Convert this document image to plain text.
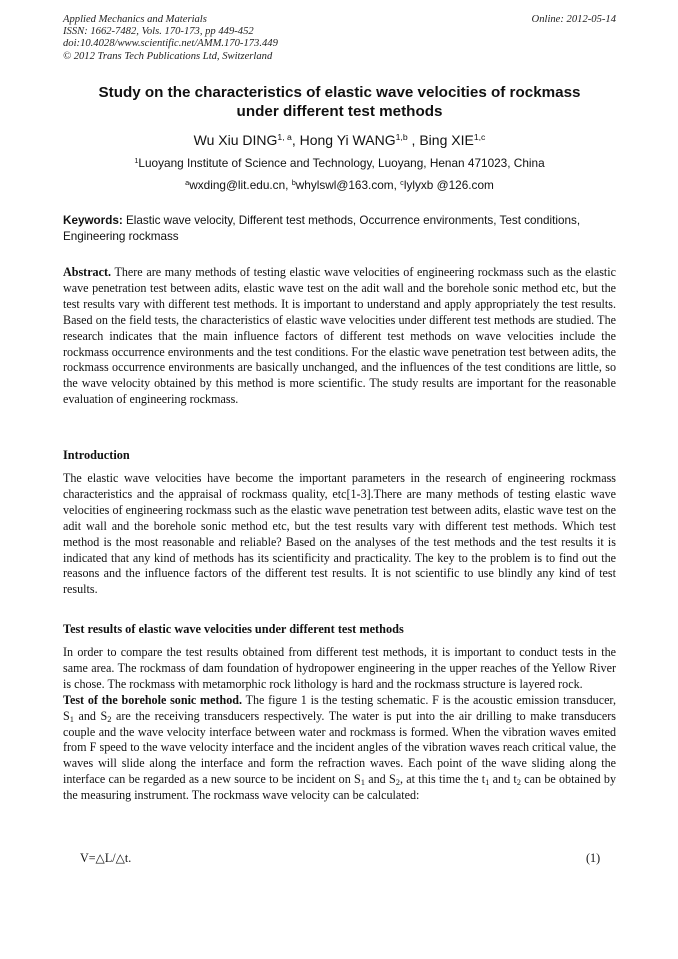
Applied Mechanics and Materials
ISSN: 1662-7482, Vols. 170-173, pp 449-452
doi:10.4028/www.scientific.net/AMM.170-173.449
© 2012 Trans Tech Publications Ltd, Switzerland
Online: 2012-05-14
Study on the characteristics of elastic wave velocities of rockmass
under different test methods
Wu Xiu DING$^{1, a}$, Hong Yi WANG$^{1,b}$ , Bing XIE$^{1,c}$
$^1$Luoyang Institute of Science and Technology, Luoyang, Henan 471023, China
$^a$wxding@lit.edu.cn, $^b$whylswl@163.com, $^c$lylyxb @126.com
Keywords: Elastic wave velocity, Different test methods, Occurrence environments, Test conditions, Engineering rockmass

Abstract. There are many methods of testing elastic wave velocities of engineering rockmass such as the elastic wave penetration test between adits, elastic wave test on the adit wall and the borehole sonic method etc, but the test results vary with different test methods. It is important to understand and apply appropriately the test results. Based on the field tests, the characteristics of elastic wave velocities under different test methods are studied. The research indicates that the main influence factors of different test methods on wave velocities include the rockmass occurrence environments and the test conditions. For the elastic wave penetration test between adits, the rockmass occurrence environments are basically unchanged, and the influences of the test conditions are little, so the wave velocity obtained by this method is more scientific. The study results are important for the reasonable evaluation of engineering rockmass.

Introduction

The elastic wave velocities have become the important parameters in the research of engineering rockmass characteristics and the appraisal of rockmass quality, etc[1-3].There are many methods of testing elastic wave velocities of engineering rockmass such as the elastic wave penetration test between adits, elastic wave test on the adit wall and the borehole sonic method etc, but the test results vary with different test methods. Which test method is the most reasonable and reliable? Based on the analyses of the test methods and the test results it is indicated that any kind of methods has its scientificity and practicality. The key to the problem is to find out the reasons and the influence factors of the different test results. It is not scientific to use blindly any kind of test results.

Test results of elastic wave velocities under different test methods

In order to compare the test results obtained from different test methods, it is important to conduct tests in the same area. The rockmass of dam foundation of hydropower engineering in the upper reaches of the Yellow River is chose. The rockmass with metamorphic rock lithology is hard and the rockmass structure is layered rock.

Test of the borehole sonic method. The figure 1 is the testing schematic. F is the acoustic emission transducer, $S_1$ and $S_2$ are the receiving transducers respectively. The water is put into the air drilling to make transducers couple and the wave velocity interface between water and rockmass is formed. When the vibration waves emited from F speed to the wave velocity interface and the incident angles of the vibration waves reach critical value, the waves will slide along the interface and form the refraction waves. Each point of the wave sliding along the interface can be regarded as a new source to be incident on $S_1$ and $S_2$, at this time the $t_1$ and $t_2$ can be obtained by the measuring instrument. The rockmass wave velocity can be calculated:

V=△L/△t.	(1)
